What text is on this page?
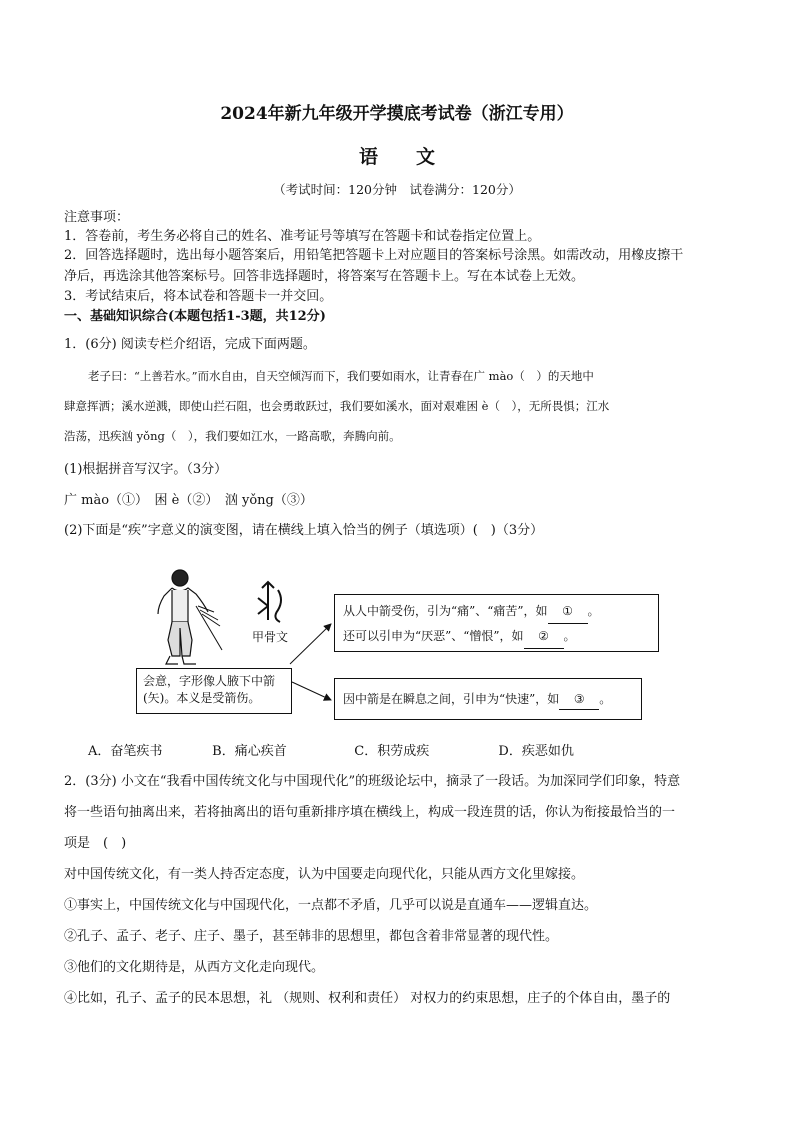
2024年新九年级开学摸底考试卷（浙江专用）
语　　文
（考试时间：120分钟　试卷满分：120分）
注意事项：
1．答卷前，考生务必将自己的姓名、准考证号等填写在答题卡和试卷指定位置上。
2．回答选择题时，选出每小题答案后，用铅笔把答题卡上对应题目的答案标号涂黑。如需改动，用橡皮擦干
净后，再选涂其他答案标号。回答非选择题时，将答案写在答题卡上。写在本试卷上无效。
3．考试结束后，将本试卷和答题卡一并交回。
一、基础知识综合(本题包括1-3题，共12分)
1．(6分) 阅读专栏介绍语，完成下面两题。
老子曰：“上善若水。”而水自由，自天空倾泻而下，我们要如雨水，让青春在广 mào（　）的天地中
肆意挥洒；溪水逆溅，即使山拦石阻，也会勇敢跃过，我们要如溪水，面对艰难困 è（　），无所畏惧；江水
浩荡，迅疾汹 yǒng（　），我们要如江水，一路高歌，奔腾向前。
(1)根据拼音写汉字。（3分）
广 mào（①）　困 è（②）　汹 yǒng（③）
(2)下面是“疾”字意义的演变图，请在横线上填入恰当的例子（填选项）(　)（3分）
甲骨文
会意，字形像人腋下中箭
(矢)。本义是受箭伤。
从人中箭受伤，引为“痛”、“痛苦”，如 ① 。
还可以引申为“厌恶”、“憎恨”，如 ② 。
因中箭是在瞬息之间，引申为“快速”，如 ③ 。
A．奋笔疾书	B．痛心疾首	C．积劳成疾	D．疾恶如仇
2．(3分) 小文在“我看中国传统文化与中国现代化”的班级论坛中，摘录了一段话。为加深同学们印象，特意
将一些语句抽离出来，若将抽离出的语句重新排序填在横线上，构成一段连贯的话，你认为衔接最恰当的一
项是　(　)
对中国传统文化，有一类人持否定态度，认为中国要走向现代化，只能从西方文化里嫁接。
①事实上，中国传统文化与中国现代化，一点都不矛盾，几乎可以说是直通车——逻辑直达。
②孔子、孟子、老子、庄子、墨子，甚至韩非的思想里，都包含着非常显著的现代性。
③他们的文化期待是，从西方文化走向现代。
④比如，孔子、孟子的民本思想，礼 （规则、权利和责任） 对权力的约束思想，庄子的个体自由，墨子的
